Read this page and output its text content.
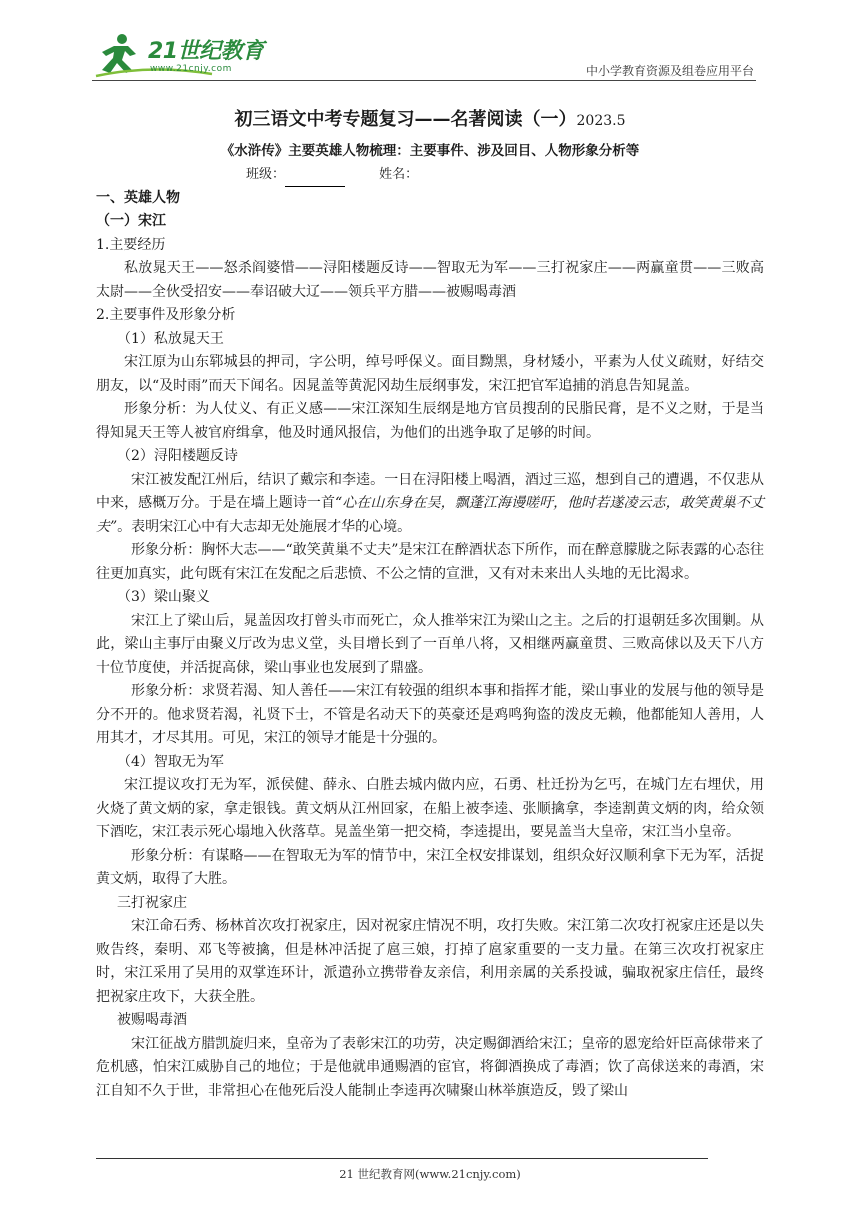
21世纪教育
www.21cnjy.com	中小学教育资源及组卷应用平台
初三语文中考专题复习——名著阅读（一）2023.5
《水浒传》主要英雄人物梳理：主要事件、涉及回目、人物形象分析等
班级：	姓名：
一、英雄人物
（一）宋江

1.主要经历

私放晁天王——怒杀阎婆惜——浔阳楼题反诗——智取无为军——三打祝家庄——两赢童贯——三败高太尉——全伙受招安——奉诏破大辽——领兵平方腊——被赐喝毒酒

2.主要事件及形象分析

（1）私放晁天王

宋江原为山东郓城县的押司，字公明，绰号呼保义。面目黝黑，身材矮小，平素为人仗义疏财，好结交朋友，以“及时雨”而天下闻名。因晁盖等黄泥冈劫生辰纲事发，宋江把官军追捕的消息告知晁盖。

形象分析：为人仗义、有正义感——宋江深知生辰纲是地方官员搜刮的民脂民膏，是不义之财，于是当得知晁天王等人被官府缉拿，他及时通风报信，为他们的出逃争取了足够的时间。

（2）浔阳楼题反诗

宋江被发配江州后，结识了戴宗和李逵。一日在浔阳楼上喝酒，酒过三巡，想到自己的遭遇，不仅悲从中来，感概万分。于是在墙上题诗一首“心在山东身在吴，飘蓬江海谩嗟吁，他时若遂凌云志，敢笑黄巢不丈夫”。表明宋江心中有大志却无处施展才华的心境。

形象分析：胸怀大志——“敢笑黄巢不丈夫”是宋江在醉酒状态下所作，而在醉意朦胧之际表露的心态往往更加真实，此句既有宋江在发配之后悲愤、不公之情的宣泄，又有对未来出人头地的无比渴求。

（3）梁山聚义

宋江上了梁山后，晁盖因攻打曾头市而死亡，众人推举宋江为梁山之主。之后的打退朝廷多次围剿。从此，梁山主事厅由聚义厅改为忠义堂，头目增长到了一百单八将，又相继两赢童贯、三败高俅以及天下八方十位节度使，并活捉高俅，梁山事业也发展到了鼎盛。

形象分析：求贤若渴、知人善任——宋江有较强的组织本事和指挥才能，梁山事业的发展与他的领导是分不开的。他求贤若渴，礼贤下士，不管是名动天下的英豪还是鸡鸣狗盗的泼皮无赖，他都能知人善用，人用其才，才尽其用。可见，宋江的领导才能是十分强的。

（4）智取无为军

宋江提议攻打无为军，派侯健、薛永、白胜去城内做内应，石勇、杜迁扮为乞丐，在城门左右埋伏，用火烧了黄文炳的家，拿走银钱。黄文炳从江州回家，在船上被李逵、张顺擒拿，李逵割黄文炳的肉，给众领下酒吃，宋江表示死心塌地入伙落草。晃盖坐第一把交椅，李逵提出，要晃盖当大皇帝，宋江当小皇帝。

形象分析：有谋略——在智取无为军的情节中，宋江全权安排谋划，组织众好汉顺利拿下无为军，活捉黄文炳，取得了大胜。

三打祝家庄

宋江命石秀、杨林首次攻打祝家庄，因对祝家庄情况不明，攻打失败。宋江第二次攻打祝家庄还是以失败告终，秦明、邓飞等被擒，但是林冲活捉了扈三娘，打掉了扈家重要的一支力量。在第三次攻打祝家庄时，宋江采用了吴用的双掌连环计，派遣孙立携带眷友亲信，利用亲属的关系投诚，骗取祝家庄信任，最终把祝家庄攻下，大获全胜。

被赐喝毒酒

宋江征战方腊凯旋归来，皇帝为了表彰宋江的功劳，决定赐御酒给宋江；皇帝的恩宠给奸臣高俅带来了危机感，怕宋江威胁自己的地位；于是他就串通赐酒的宦官，将御酒换成了毒酒；饮了高俅送来的毒酒，宋江自知不久于世，非常担心在他死后没人能制止李逵再次啸聚山林举旗造反，毁了梁山

21 世纪教育网(www.21cnjy.com)
